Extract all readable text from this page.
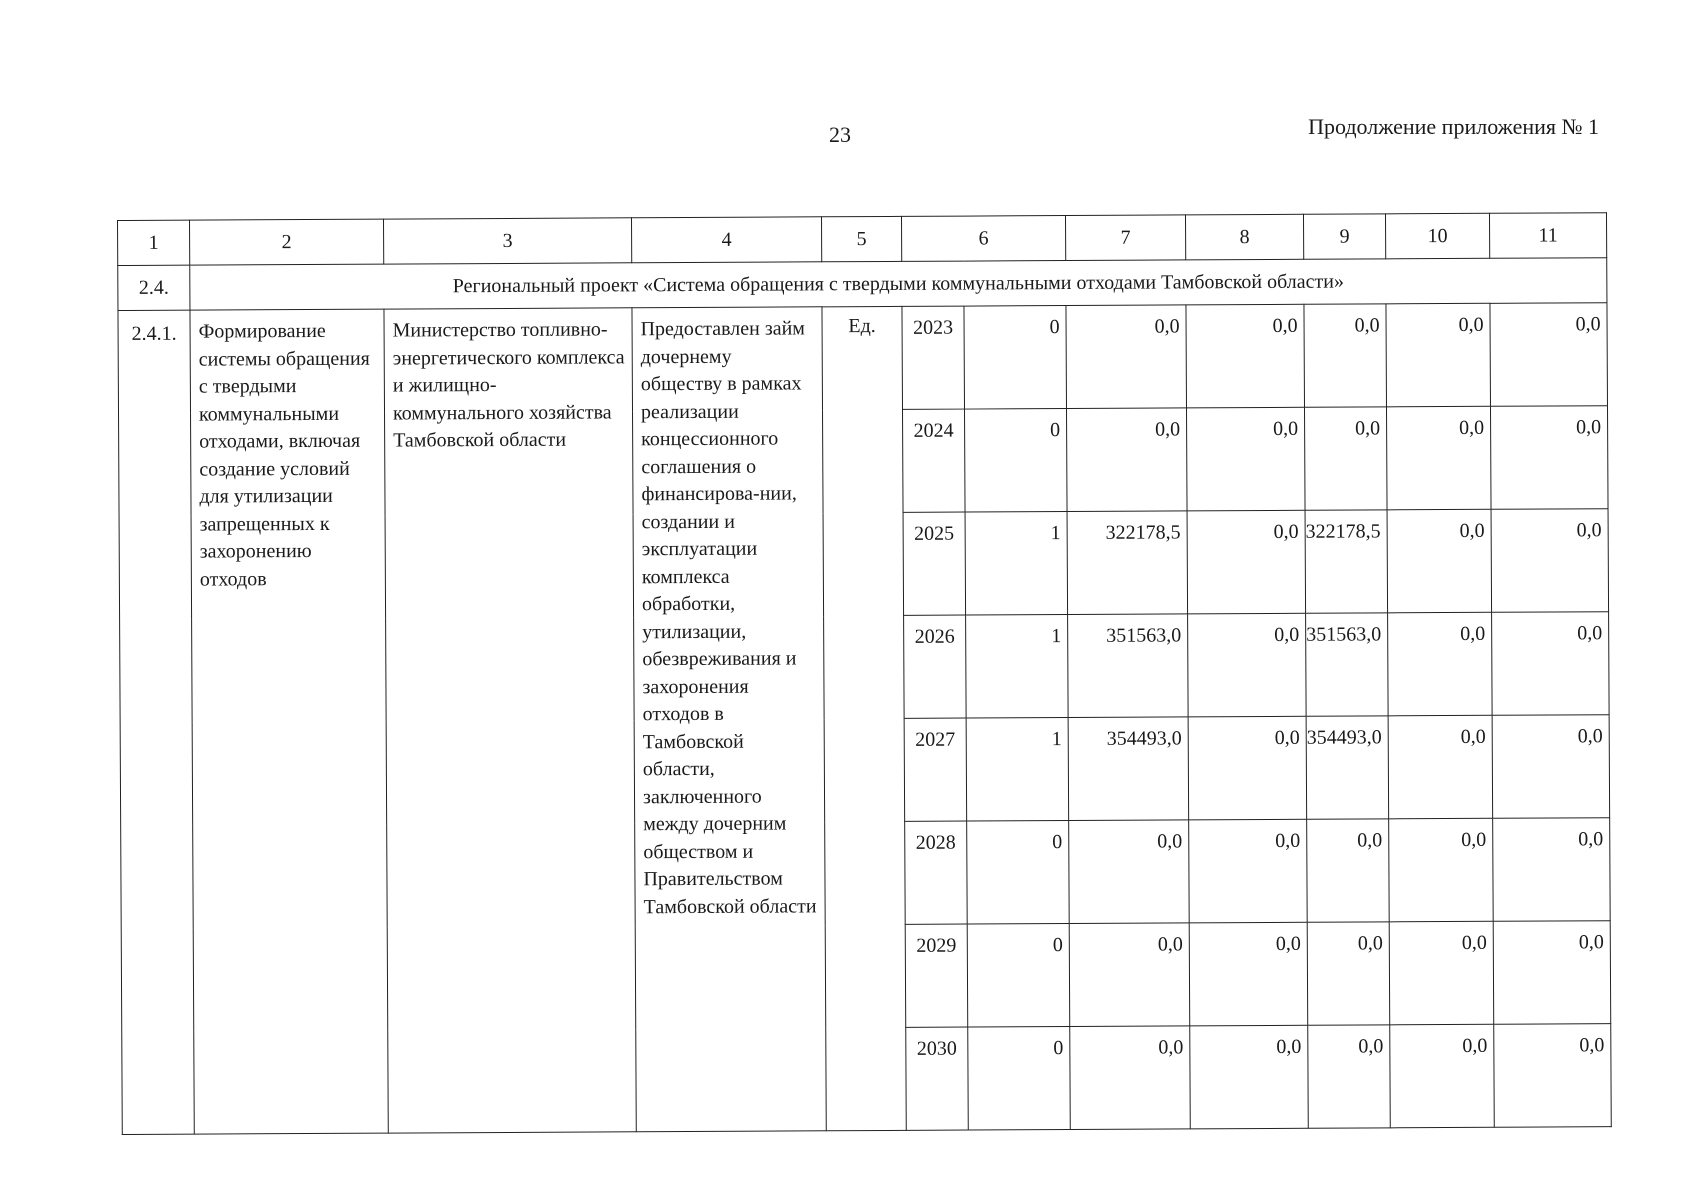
23	Продолжение приложения № 1
1	2	3	4	5	6		7	8	9	10	11
2.4.	Региональный проект «Система обращения с твердыми коммунальными отходами Тамбовской области»										
2.4.1.	Формирование системы обращения с твердыми коммунальными отходами, включая создание условий для утилизации запрещенных к захоронению отходов	Министерство топливно-энергетического комплекса и жилищно-коммунального хозяйства Тамбовской области	Предоставлен займ дочернему обществу в рамках реализации концессионного соглашения о финансирова-нии, создании и эксплуатации комплекса обработки, утилизации, обезвреживания и захоронения отходов в Тамбовской области, заключенного между дочерним обществом и Правительством Тамбовской области	Ед.	2023	0	0,0	0,0	0,0	0,0	0,0
					2024	0	0,0	0,0	0,0	0,0	0,0
					2025	1	322178,5	0,0	322178,5	0,0	0,0
					2026	1	351563,0	0,0	351563,0	0,0	0,0
					2027	1	354493,0	0,0	354493,0	0,0	0,0
					2028	0	0,0	0,0	0,0	0,0	0,0
					2029	0	0,0	0,0	0,0	0,0	0,0
					2030	0	0,0	0,0	0,0	0,0	0,0
